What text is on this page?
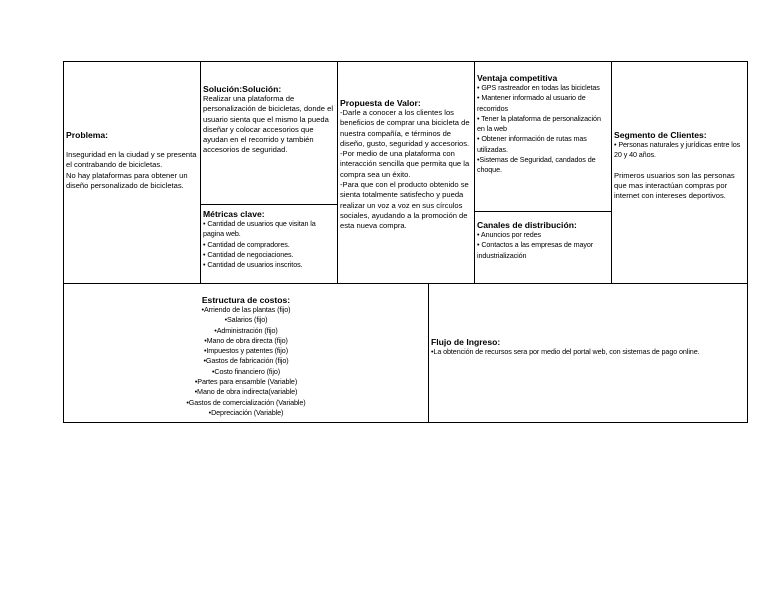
Problema:
Inseguridad en la ciudad y se presenta el contrabando de bicicletas.
No hay plataformas para obtener un diseño personalizado de bicicletas.
Solución:Solución:
Realizar una plataforma de personalización de bicicletas, donde el usuario sienta que el mismo la pueda diseñar y colocar accesorios que ayudan en el recorrido y también accesorios de seguridad.
Métricas clave:
• Cantidad de usuarios que visitan la pagina web.
• Cantidad de compradores.
• Cantidad de negociaciones.
• Cantidad de usuarios inscritos.
Propuesta de Valor:
-Darle a conocer a los clientes los beneficios de comprar una bicicleta de nuestra compañía, e términos de diseño, gusto, seguridad y accesorios.
-Por medio de una plataforma con interacción sencilla que permita que la compra sea un éxito.
-Para que con el producto obtenido se sienta totalmente satisfecho y pueda realizar un voz a voz en sus círculos sociales, ayudando a la promoción de esta nueva compra.
Ventaja competitiva
• GPS rastreador en todas las bicicletas
• Mantener informado al usuario de recorridos
• Tener la plataforma de personalización en la web
• Obtener información de rutas mas utilizadas.
•Sistemas de Seguridad, candados de choque.
Canales de distribución:
• Anuncios por redes
• Contactos a las empresas de mayor industrialización
Segmento de Clientes:
• Personas naturales y jurídicas entre los 20 y 40 años.
Primeros usuarios son las personas que mas interactúan compras por internet con intereses deportivos.
Estructura de costos:
•Arriendo de las plantas (fijo)
•Salarios (fijo)
•Administración (fijo)
•Mano de obra directa (fijo)
•Impuestos y patentes (fijo)
•Gastos de fabricación (fijo)
•Costo financiero (fijo)
•Partes para ensamble (Variable)
•Mano de obra indirecta(variable)
•Gastos de comercialización (Variable)
•Depreciación (Variable)
Flujo de Ingreso:
•La obtención de recursos sera por medio del portal web, con sistemas de pago online.
